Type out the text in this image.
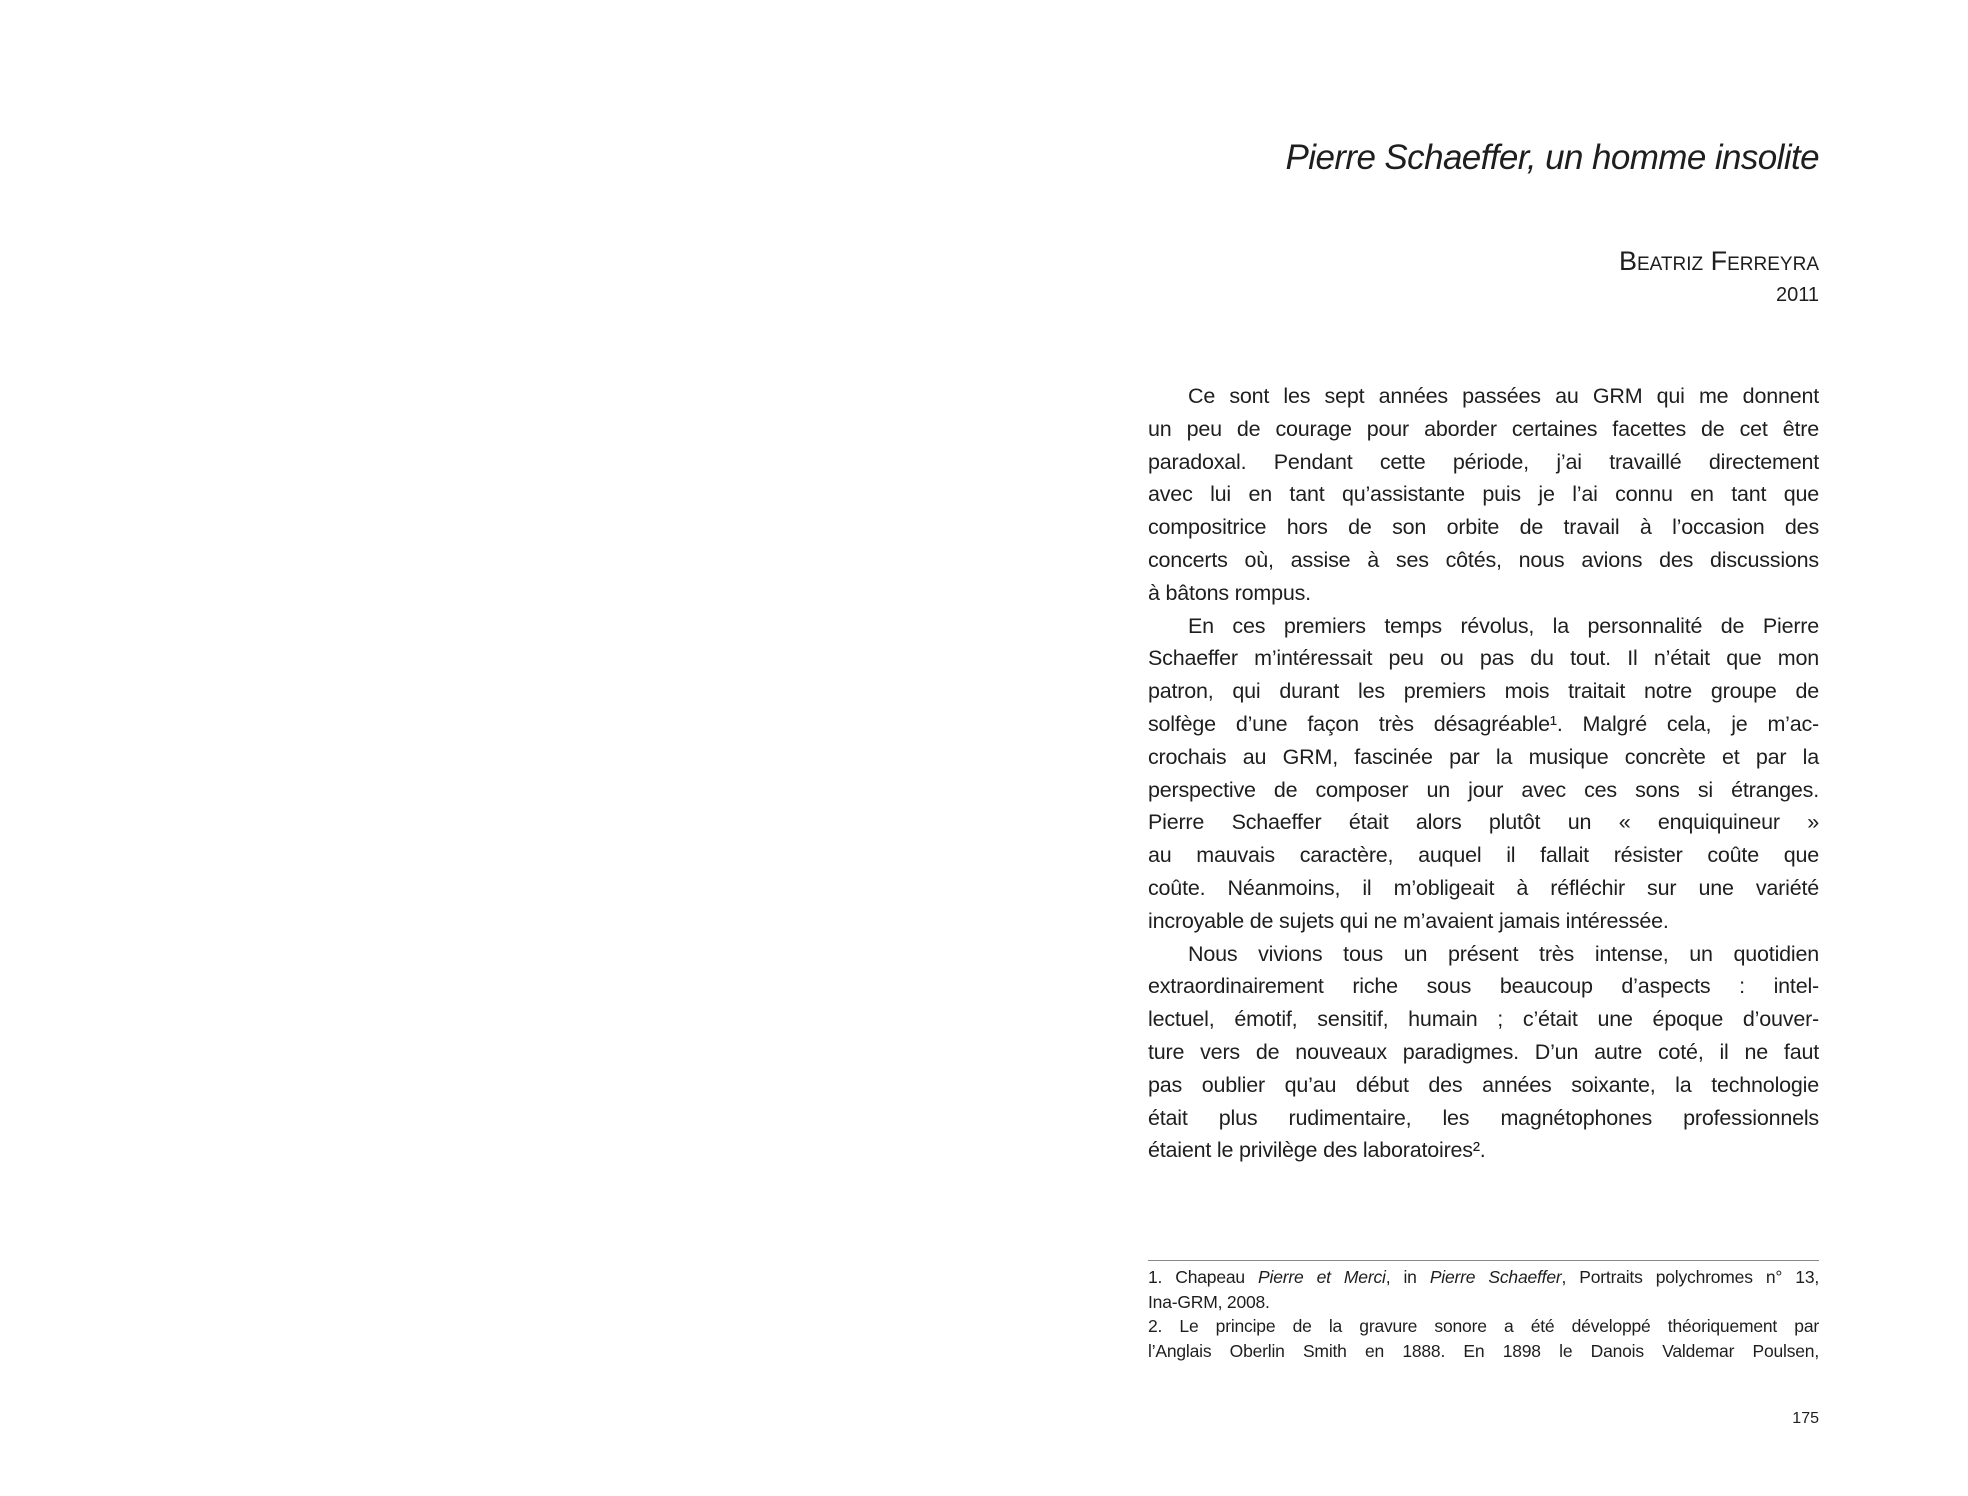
Pierre Schaeffer, un homme insolite
Beatriz Ferreyra
2011
Ce sont les sept années passées au GRM qui me donnent
un peu de courage pour aborder certaines facettes de cet être
paradoxal. Pendant cette période, j’ai travaillé directement
avec lui en tant qu’assistante puis je l’ai connu en tant que
compositrice hors de son orbite de travail à l’occasion des
concerts où, assise à ses côtés, nous avions des discussions
à bâtons rompus.
En ces premiers temps révolus, la personnalité de Pierre
Schaeffer m’intéressait peu ou pas du tout. Il n’était que mon
patron, qui durant les premiers mois traitait notre groupe de
solfège d’une façon très désagréable¹. Malgré cela, je m’ac-
crochais au GRM, fascinée par la musique concrète et par la
perspective de composer un jour avec ces sons si étranges.
Pierre Schaeffer était alors plutôt un « enquiquineur »
au mauvais caractère, auquel il fallait résister coûte que
coûte. Néanmoins, il m’obligeait à réfléchir sur une variété
incroyable de sujets qui ne m’avaient jamais intéressée.
Nous vivions tous un présent très intense, un quotidien
extraordinairement riche sous beaucoup d’aspects : intel-
lectuel, émotif, sensitif, humain ; c’était une époque d’ouver-
ture vers de nouveaux paradigmes. D’un autre coté, il ne faut
pas oublier qu’au début des années soixante, la technologie
était plus rudimentaire, les magnétophones professionnels
étaient le privilège des laboratoires².
1. Chapeau Pierre et Merci, in Pierre Schaeffer, Portraits polychromes n° 13,
Ina-GRM, 2008.
2. Le principe de la gravure sonore a été développé théoriquement par
l’Anglais Oberlin Smith en 1888. En 1898 le Danois Valdemar Poulsen,
175
